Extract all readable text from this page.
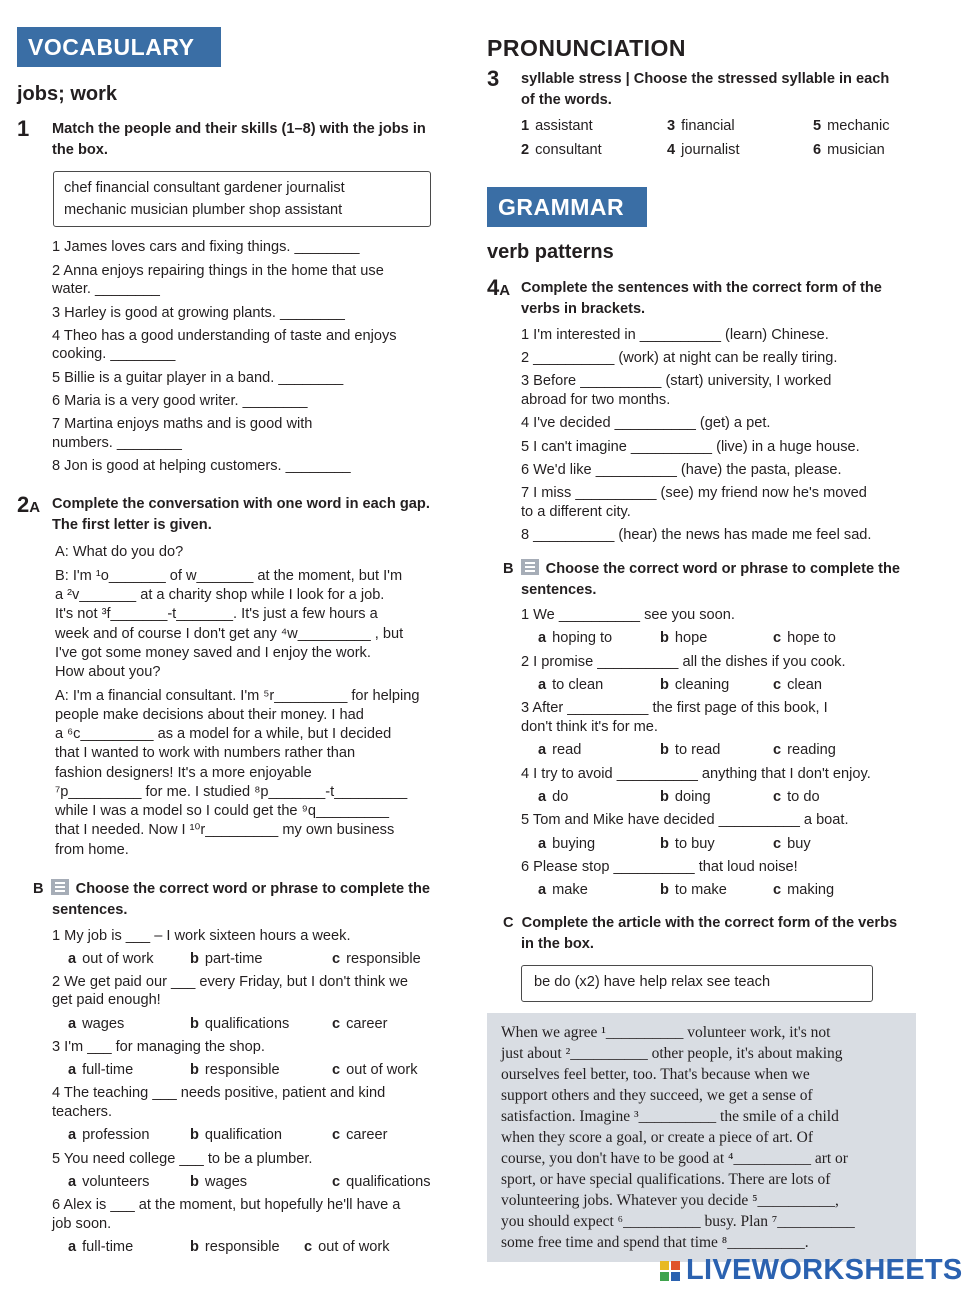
VOCABULARY
jobs; work
1 Match the people and their skills (1–8) with the jobs in
the box.
chef financial consultant gardener journalist
mechanic musician plumber shop assistant
1 James loves cars and fixing things. ________
2 Anna enjoys repairing things in the home that use
water. ________
3 Harley is good at growing plants. ________
4 Theo has a good understanding of taste and enjoys
cooking. ________
5 Billie is a guitar player in a band. ________
6 Maria is a very good writer. ________
7 Martina enjoys maths and is good with
numbers. ________
8 Jon is good at helping customers. ________
2A Complete the conversation with one word in each gap.
The first letter is given.
A: What do you do?
B: I'm ¹o_______ of w_______ at the moment, but I'm
a ²v_______ at a charity shop while I look for a job.
It's not ³f_______-t_______. It's just a few hours a
week and of course I don't get any ⁴w_________ , but
I've got some money saved and I enjoy the work.
How about you?
A: I'm a financial consultant. I'm ⁵r_________ for helping
people make decisions about their money. I had
a ⁶c_________ as a model for a while, but I decided
that I wanted to work with numbers rather than
fashion designers! It's a more enjoyable
⁷p_________ for me. I studied ⁸p_______-t_________
while I was a model so I could get the ⁹q_________
that I needed. Now I ¹⁰r_________ my own business
from home.
B Choose the correct word or phrase to complete the
sentences.
1 My job is ___ – I work sixteen hours a week.
a out of work b part-time	c responsible
2 We get paid our ___ every Friday, but I don't think we
get paid enough!
a wages	b qualifications	c career
3 I'm ___ for managing the shop.
a full-time	b responsible	c out of work
4 The teaching ___ needs positive, patient and kind
teachers.
a profession	b qualification	c career
5 You need college ___ to be a plumber.
a volunteers	b wages	c qualifications
6 Alex is ___ at the moment, but hopefully he'll have a
job soon.
a full-time	b responsible c out of work
PRONUNCIATION
3 syllable stress | Choose the stressed syllable in each
of the words.
1 assistant	3 financial	5 mechanic
2 consultant	4 journalist	6 musician
GRAMMAR
verb patterns
4A Complete the sentences with the correct form of the
verbs in brackets.
1 I'm interested in __________ (learn) Chinese.
2 __________ (work) at night can be really tiring.
3 Before __________ (start) university, I worked
abroad for two months.
4 I've decided __________ (get) a pet.
5 I can't imagine __________ (live) in a huge house.
6 We'd like __________ (have) the pasta, please.
7 I miss __________ (see) my friend now he's moved
to a different city.
8 __________ (hear) the news has made me feel sad.
B Choose the correct word or phrase to complete the
sentences.
1 We __________ see you soon.
a hoping to	b hope	c hope to
2 I promise __________ all the dishes if you cook.
a to clean	b cleaning	c clean
3 After __________ the first page of this book, I
don't think it's for me.
a read	b to read	c reading
4 I try to avoid __________ anything that I don't enjoy.
a do	b doing	c to do
5 Tom and Mike have decided __________ a boat.
a buying	b to buy	c buy
6 Please stop __________ that loud noise!
a make	b to make	c making
C Complete the article with the correct form of the verbs
in the box.
be do (x2) have help relax see teach
When we agree ¹__________ volunteer work, it's not
just about ²__________ other people, it's about making
ourselves feel better, too. That's because when we
support others and they succeed, we get a sense of
satisfaction. Imagine ³__________ the smile of a child
when they score a goal, or create a piece of art. Of
course, you don't have to be good at ⁴__________ art or
sport, or have special qualifications. There are lots of
volunteering jobs. Whatever you decide ⁵__________,
you should expect ⁶__________ busy. Plan ⁷__________
some free time and spend that time ⁸__________.
LIVEWORKSHEETS
